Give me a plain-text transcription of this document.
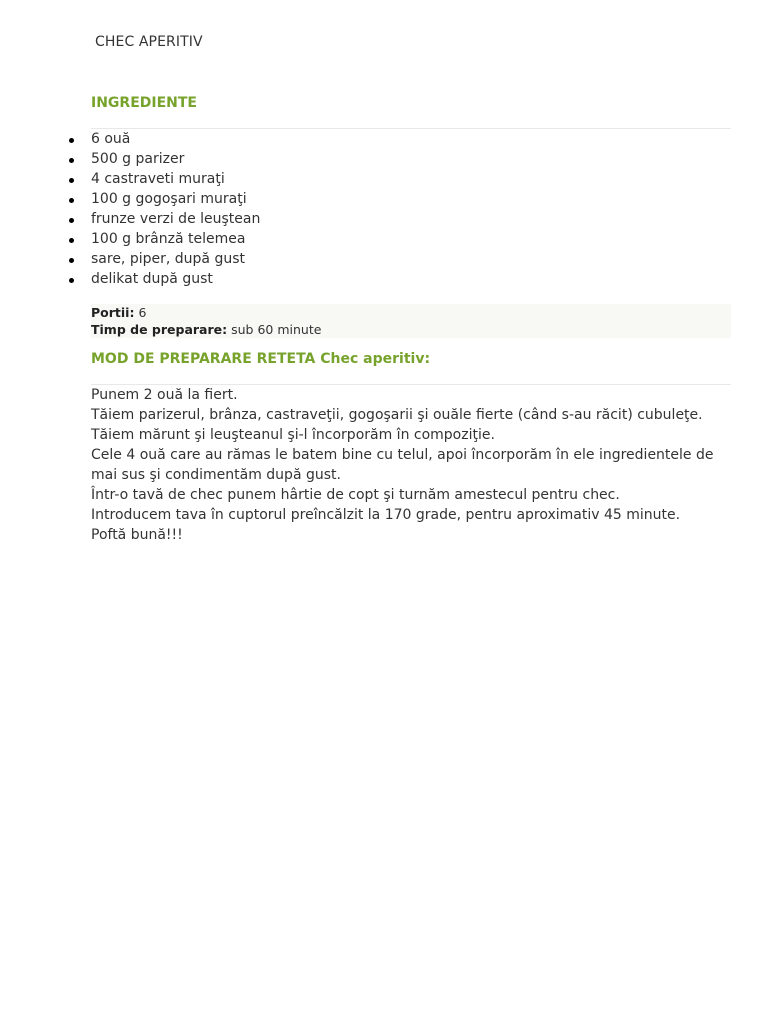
CHEC APERITIV
INGREDIENTE
6 ouă
500 g parizer
4 castraveti muraţi
100 g gogoşari muraţi
frunze verzi de leuştean
100 g brânză telemea
sare, piper, după gust
delikat după gust
Portii: 6
Timp de preparare: sub 60 minute
MOD DE PREPARARE RETETA Chec aperitiv:

Punem 2 ouă la fiert.

Tăiem parizerul, brânza, castraveţii, gogoşarii şi ouăle fierte (când s-au răcit) cubuleţe.

Tăiem mărunt şi leuşteanul şi-l încorporăm în compoziţie.

Cele 4 ouă care au rămas le batem bine cu telul, apoi încorporăm în ele ingredientele de mai sus şi condimentăm după gust.

Într-o tavă de chec punem hârtie de copt şi turnăm amestecul pentru chec.

Introducem tava în cuptorul preîncălzit la 170 grade, pentru aproximativ 45 minute.

Poftă bună!!!
